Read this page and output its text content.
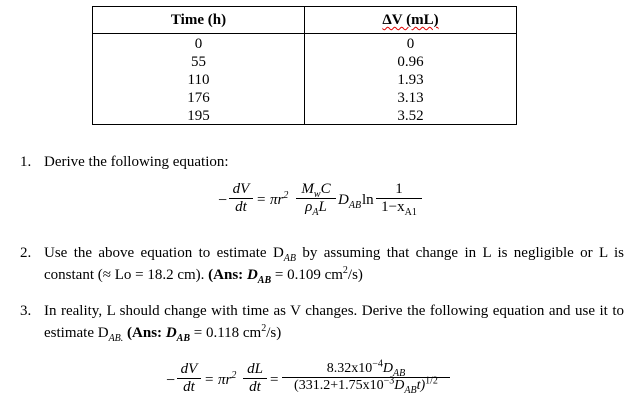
Time (h)	ΔV (mL)
0
55
110
176
195
0
0.96
1.93
3.13
3.52
1. Derive the following equation:
−
dV
dt = $\pi r^2$ $M_wC$
$\rho_AL$ $D_{AB}$ ln
1
$1-x_{A1}$
2. Use the above equation to estimate $D_{AB}$ by assuming that change in L is negligible or L is constant (≈ Lo = 18.2 cm). (Ans: $D_{AB} = 0.109$ $cm^2/s$)
3. In reality, L should change with time as V changes. Derive the following equation and use it to estimate $D_{AB.}$ (Ans: $D_{AB} = 0.118$ $cm^2/s$)
−
dV
dt = $\pi r^2$ dL
dt =
$8.32x10^{-4}D_{AB}$
$(331.2+1.75x10^{-3}D_{AB}t)^{1/2}$
